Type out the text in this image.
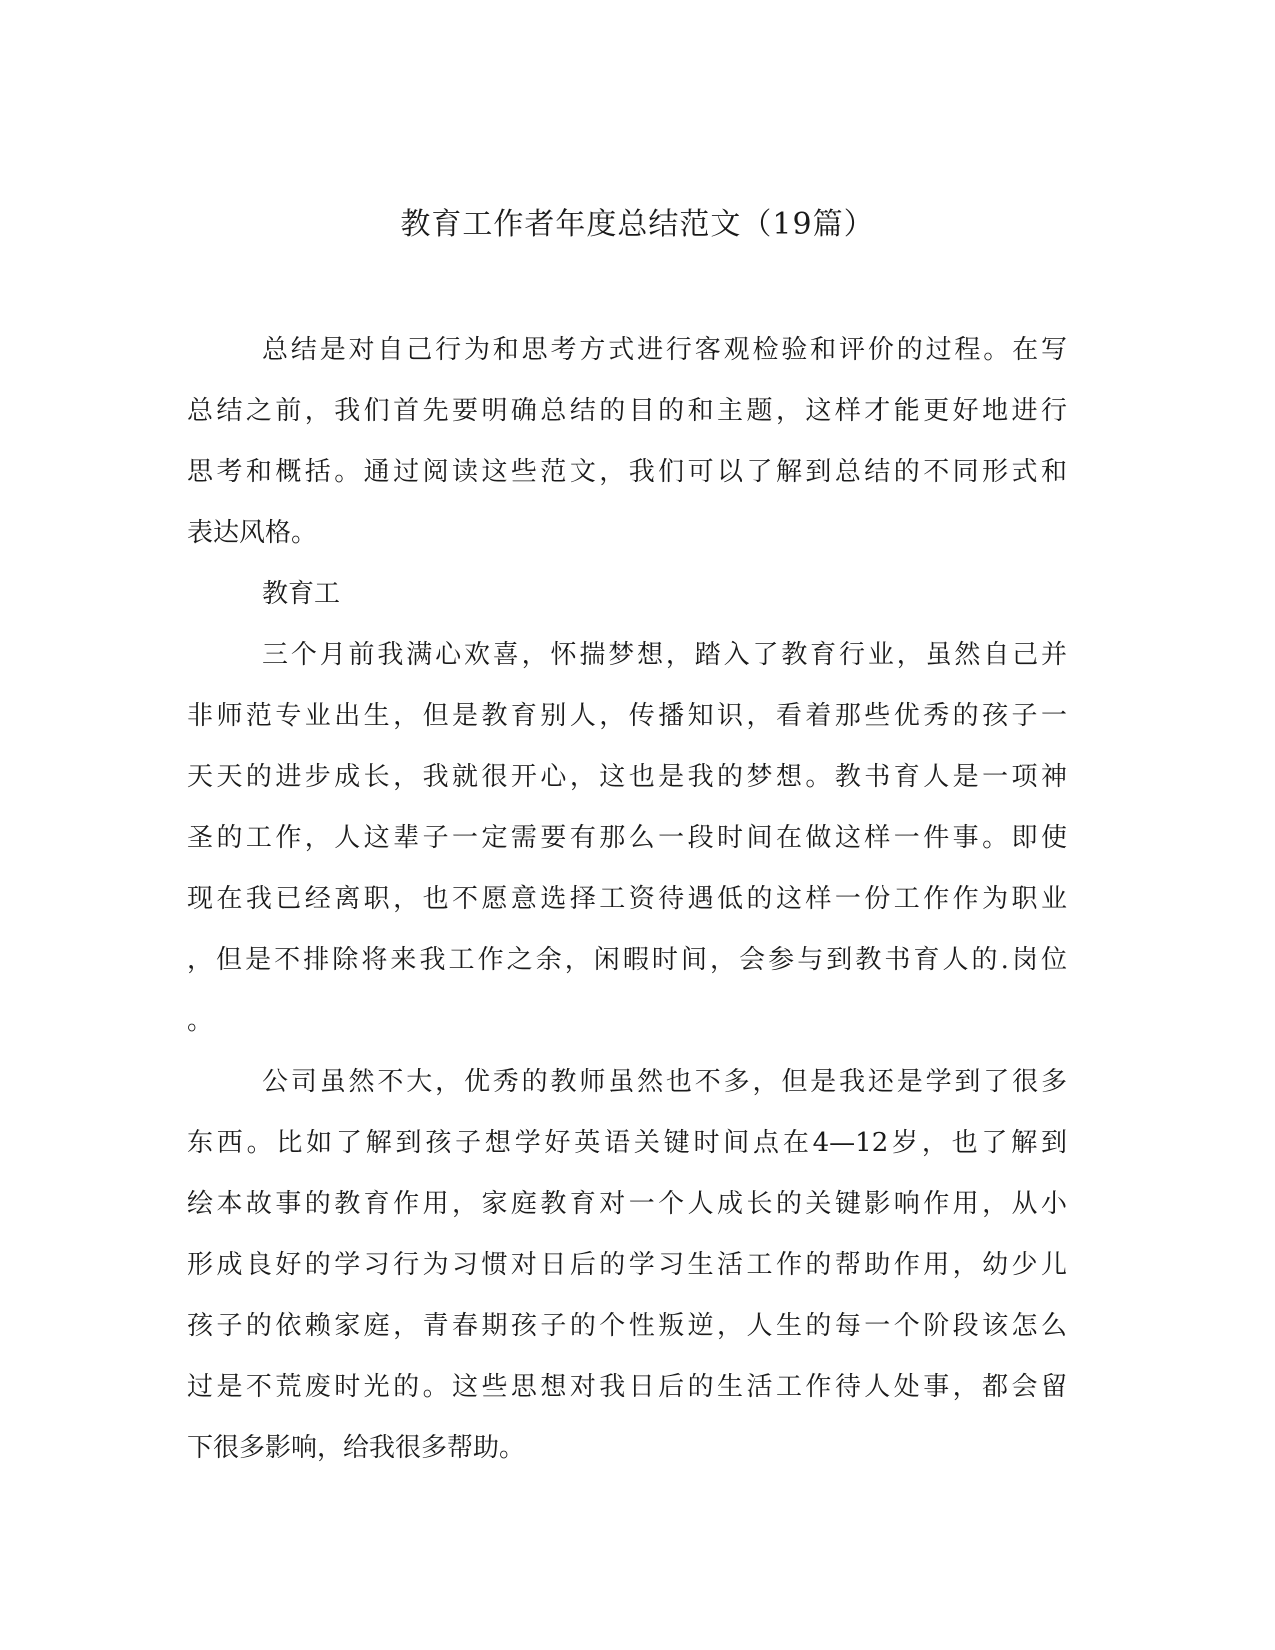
教育工作者年度总结范文（19篇）
总结是对自己行为和思考方式进行客观检验和评价的过程。在写
总结之前，我们首先要明确总结的目的和主题，这样才能更好地进行
思考和概括。通过阅读这些范文，我们可以了解到总结的不同形式和
表达风格。
教育工
三个月前我满心欢喜，怀揣梦想，踏入了教育行业，虽然自己并
非师范专业出生，但是教育别人，传播知识，看着那些优秀的孩子一
天天的进步成长，我就很开心，这也是我的梦想。教书育人是一项神
圣的工作，人这辈子一定需要有那么一段时间在做这样一件事。即使
现在我已经离职，也不愿意选择工资待遇低的这样一份工作作为职业
，但是不排除将来我工作之余，闲暇时间，会参与到教书育人的.岗位
。
公司虽然不大，优秀的教师虽然也不多，但是我还是学到了很多
东西。比如了解到孩子想学好英语关键时间点在4—12岁，也了解到
绘本故事的教育作用，家庭教育对一个人成长的关键影响作用，从小
形成良好的学习行为习惯对日后的学习生活工作的帮助作用，幼少儿
孩子的依赖家庭，青春期孩子的个性叛逆，人生的每一个阶段该怎么
过是不荒废时光的。这些思想对我日后的生活工作待人处事，都会留
下很多影响，给我很多帮助。
